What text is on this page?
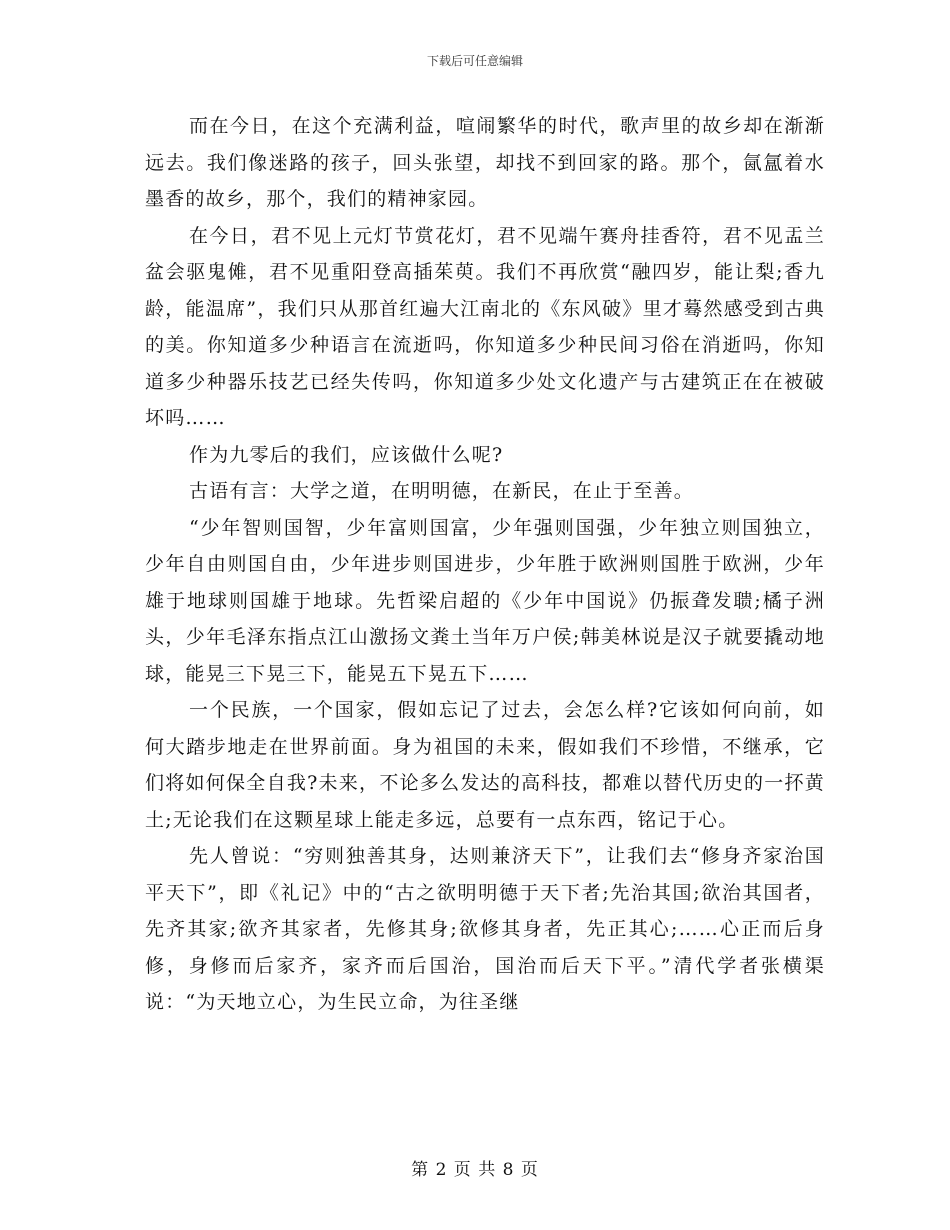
下载后可任意编辑

而在今日，在这个充满利益，喧闹繁华的时代，歌声里的故乡却在渐渐远去。我们像迷路的孩子，回头张望，却找不到回家的路。那个，氤氲着水墨香的故乡，那个，我们的精神家园。

在今日，君不见上元灯节赏花灯，君不见端午赛舟挂香符，君不见盂兰盆会驱鬼傩，君不见重阳登高插茱萸。我们不再欣赏“融四岁，能让梨;香九龄，能温席”，我们只从那首红遍大江南北的《东风破》里才蓦然感受到古典的美。你知道多少种语言在流逝吗，你知道多少种民间习俗在消逝吗，你知道多少种器乐技艺已经失传吗，你知道多少处文化遗产与古建筑正在在被破坏吗……

作为九零后的我们，应该做什么呢?

古语有言：大学之道，在明明德，在新民，在止于至善。

“少年智则国智，少年富则国富，少年强则国强，少年独立则国独立，少年自由则国自由，少年进步则国进步，少年胜于欧洲则国胜于欧洲，少年雄于地球则国雄于地球。先哲梁启超的《少年中国说》仍振聋发聩;橘子洲头，少年毛泽东指点江山激扬文粪土当年万户侯;韩美林说是汉子就要撬动地球，能晃三下晃三下，能晃五下晃五下……

一个民族，一个国家，假如忘记了过去，会怎么样?它该如何向前，如何大踏步地走在世界前面。身为祖国的未来，假如我们不珍惜，不继承，它们将如何保全自我?未来，不论多么发达的高科技，都难以替代历史的一抔黄土;无论我们在这颗星球上能走多远，总要有一点东西，铭记于心。

先人曾说：“穷则独善其身，达则兼济天下”，让我们去“修身齐家治国平天下”，即《礼记》中的“古之欲明明德于天下者;先治其国;欲治其国者，先齐其家;欲齐其家者，先修其身;欲修其身者，先正其心;……心正而后身修，身修而后家齐，家齐而后国治，国治而后天下平。”清代学者张横渠说：“为天地立心，为生民立命，为往圣继

第 2 页 共 8 页
